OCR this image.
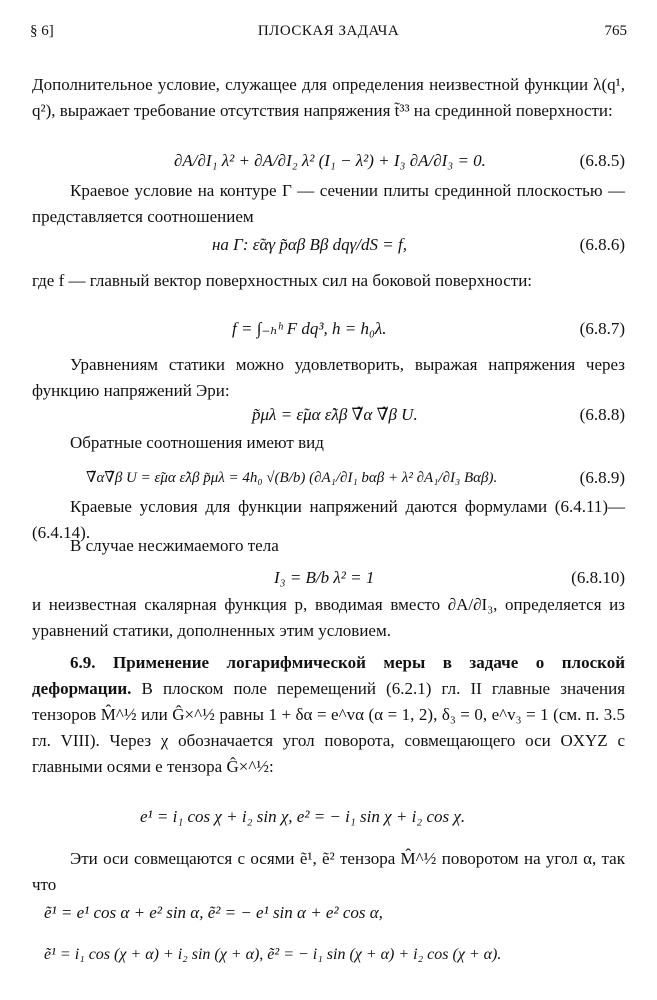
§ 6]	ПЛОСКАЯ ЗАДАЧА	765
Дополнительное условие, служащее для определения неизвестной функции λ(q¹, q²), выражает требование отсутствия напряжения t̃³³ на срединной поверхности:
∂A/∂I₁ λ² + ∂A/∂I₂ λ² (I₁ − λ²) + I₃ ∂A/∂I₃ = 0.	(6.8.5)
Краевое условие на контуре Γ — сечении плиты срединной плоскостью — представляется соотношением
на Γ: ε̃αγ p̃αβ Bβ dqγ/dS = f,	(6.8.6)
где f — главный вектор поверхностных сил на боковой поверхности:
f = ∫₋ₕʰ F dq³, h = h₀λ.	(6.8.7)
Уравнениям статики можно удовлетворить, выражая напряжения через функцию напряжений Эри:
p̃μλ = ε̃μα ε̃λβ ∇̃α ∇̃β U.	(6.8.8)
Обратные соотношения имеют вид
∇̃α∇̃β U = ε̃μα ε̃λβ p̃μλ = 4h₀ √(B/b) (∂A₁/∂I₁ bαβ + λ² ∂A₁/∂I₃ Bαβ).	(6.8.9)
Краевые условия для функции напряжений даются формулами (6.4.11)—(6.4.14).
В случае несжимаемого тела
I₃ = B/b λ² = 1	(6.8.10)
и неизвестная скалярная функция p, вводимая вместо ∂A/∂I₃, определяется из уравнений статики, дополненных этим условием.
6.9. Применение логарифмической меры в задаче о плоской деформации. В плоском поле перемещений (6.2.1) гл. II главные значения тензоров M̂^½ или Ĝ×^½ равны 1 + δα = e^vα (α = 1, 2), δ₃ = 0, e^v₃ = 1 (см. п. 3.5 гл. VIII). Через χ обозначается угол поворота, совмещающего оси OXYZ с главными осями e тензора Ĝ×^½:
e¹ = i₁ cos χ + i₂ sin χ, e² = − i₁ sin χ + i₂ cos χ.
Эти оси совмещаются с осями ẽ¹, ẽ² тензора M̂^½ поворотом на угол α, так что
ẽ¹ = e¹ cos α + e² sin α, ẽ² = − e¹ sin α + e² cos α,
ẽ¹ = i₁ cos (χ + α) + i₂ sin (χ + α), ẽ² = − i₁ sin (χ + α) + i₂ cos (χ + α).
